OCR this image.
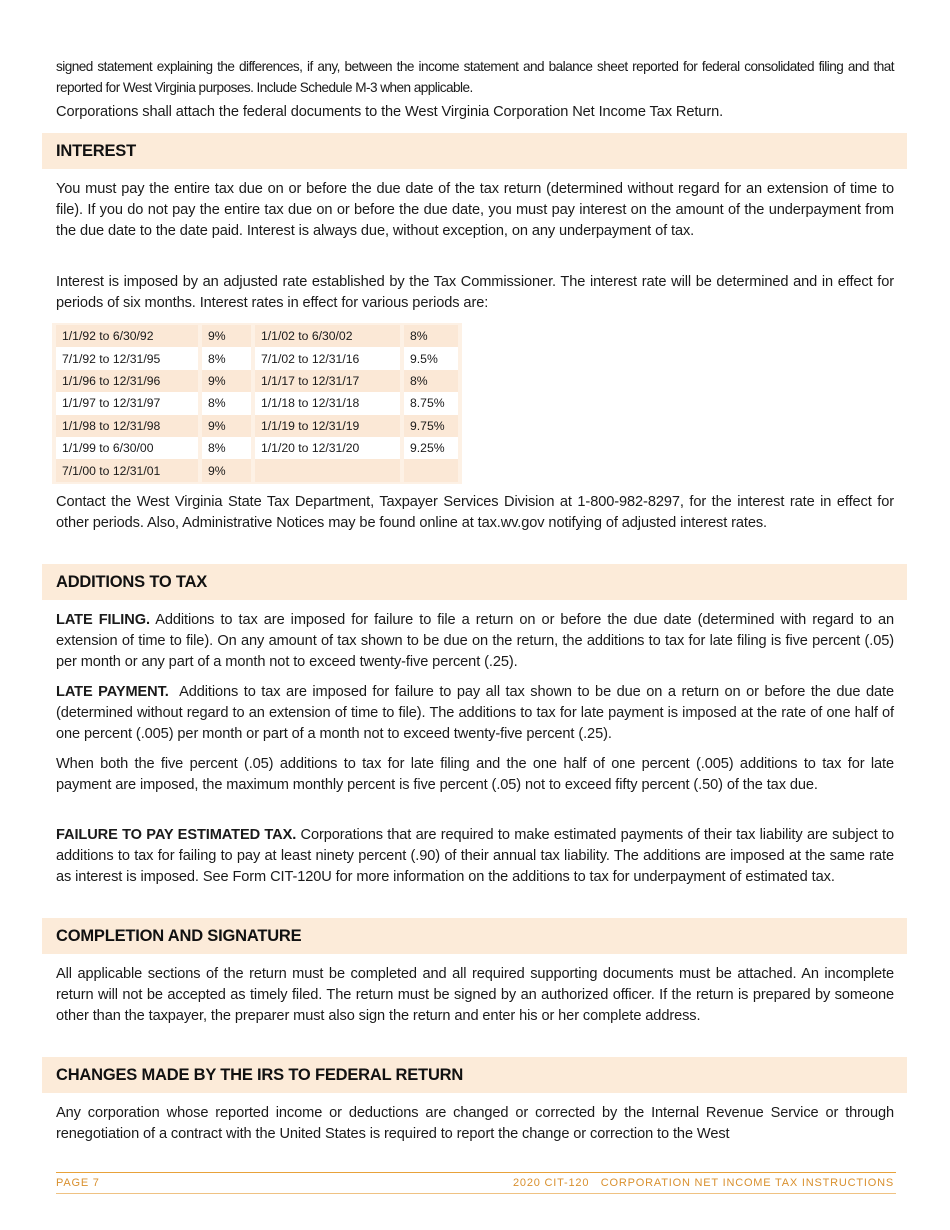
signed statement explaining the differences, if any, between the income statement and balance sheet reported for federal consolidated filing and that reported for West Virginia purposes. Include Schedule M-3 when applicable.
Corporations shall attach the federal documents to the West Virginia Corporation Net Income Tax Return.
INTEREST
You must pay the entire tax due on or before the due date of the tax return (determined without regard for an extension of time to file). If you do not pay the entire tax due on or before the due date, you must pay interest on the amount of the underpayment from the due date to the date paid. Interest is always due, without exception, on any underpayment of tax.
Interest is imposed by an adjusted rate established by the Tax Commissioner. The interest rate will be determined and in effect for periods of six months. Interest rates in effect for various periods are:
1/1/92 to 6/30/92	9%	1/1/02 to 6/30/02	8%
7/1/92 to 12/31/95	8%	7/1/02 to 12/31/16	9.5%
1/1/96 to 12/31/96	9%	1/1/17 to 12/31/17	8%
1/1/97 to 12/31/97	8%	1/1/18 to 12/31/18	8.75%
1/1/98 to 12/31/98	9%	1/1/19 to 12/31/19	9.75%
1/1/99 to 6/30/00	8%	1/1/20 to 12/31/20	9.25%
7/1/00 to 12/31/01	9%		
Contact the West Virginia State Tax Department, Taxpayer Services Division at 1-800-982-8297, for the interest rate in effect for other periods. Also, Administrative Notices may be found online at tax.wv.gov notifying of adjusted interest rates.
ADDITIONS TO TAX
LATE FILING. Additions to tax are imposed for failure to file a return on or before the due date (determined with regard to an extension of time to file). On any amount of tax shown to be due on the return, the additions to tax for late filing is five percent (.05) per month or any part of a month not to exceed twenty-five percent (.25).
LATE PAYMENT.  Additions to tax are imposed for failure to pay all tax shown to be due on a return on or before the due date (determined without regard to an extension of time to file). The additions to tax for late payment is imposed at the rate of one half of one percent (.005) per month or part of a month not to exceed twenty-five percent (.25).
When both the five percent (.05) additions to tax for late filing and the one half of one percent (.005) additions to tax for late payment are imposed, the maximum monthly percent is five percent (.05) not to exceed fifty percent (.50) of the tax due.
FAILURE TO PAY ESTIMATED TAX. Corporations that are required to make estimated payments of their tax liability are subject to additions to tax for failing to pay at least ninety percent (.90) of their annual tax liability. The additions are imposed at the same rate as interest is imposed. See Form CIT-120U for more information on the additions to tax for underpayment of estimated tax.
COMPLETION AND SIGNATURE
All applicable sections of the return must be completed and all required supporting documents must be attached. An incomplete return will not be accepted as timely filed. The return must be signed by an authorized officer. If the return is prepared by someone other than the taxpayer, the preparer must also sign the return and enter his or her complete address.
CHANGES MADE BY THE IRS TO FEDERAL RETURN
Any corporation whose reported income or deductions are changed or corrected by the Internal Revenue Service or through renegotiation of a contract with the United States is required to report the change or correction to the West
PAGE 7	2020 CIT-120   CORPORATION NET INCOME TAX INSTRUCTIONS
